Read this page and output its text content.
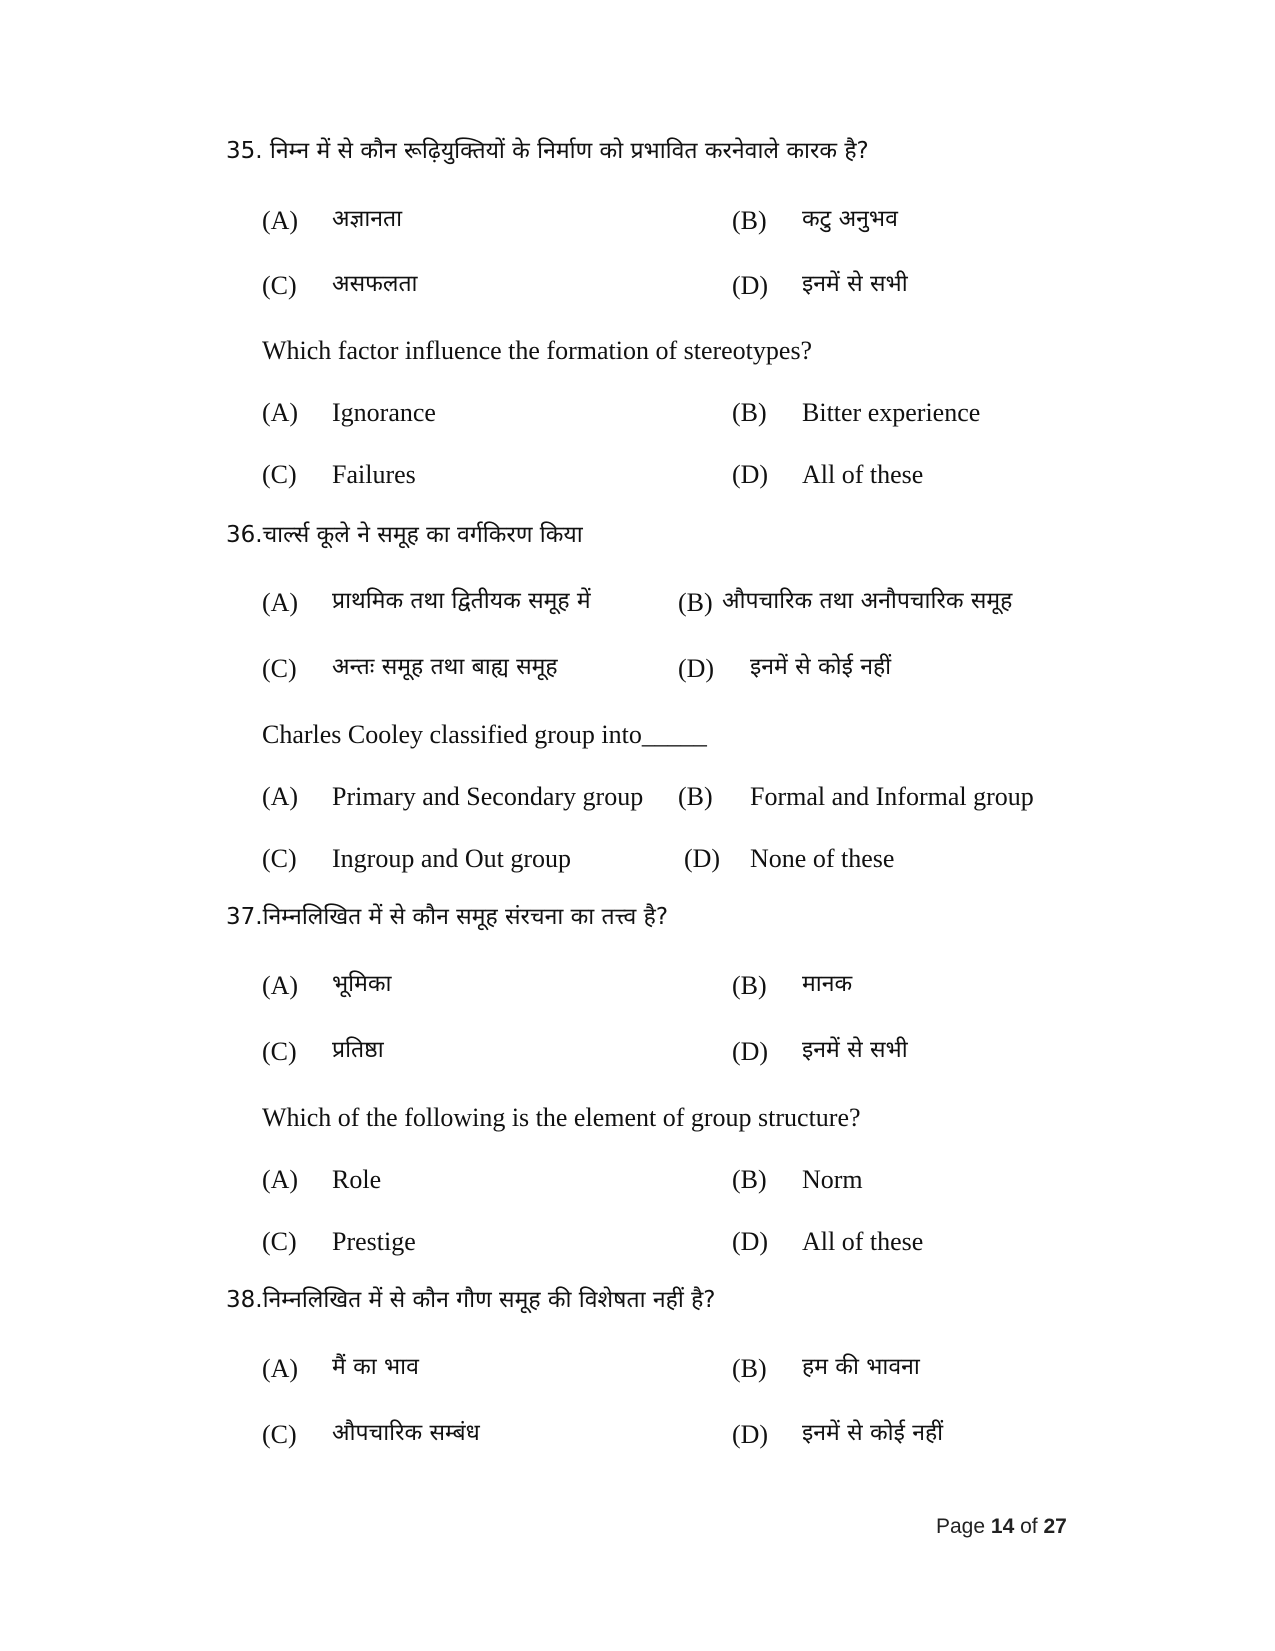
35. निम्न में से कौन रूढ़ियुक्तियों के निर्माण को प्रभावित करनेवाले कारक है?
(A) अज्ञानता	(B) कटु अनुभव
(C) असफलता	(D) इनमें से सभी
Which factor influence the formation of stereotypes?
(A) Ignorance	(B) Bitter experience
(C) Failures	(D) All of these
36.चार्ल्स कूले ने समूह का वर्गकिरण किया
(A) प्राथमिक तथा द्वितीयक समूह में	(B) औपचारिक तथा अनौपचारिक समूह
(C) अन्तः समूह तथा बाह्य समूह	(D) इनमें से कोई नहीं
Charles Cooley classified group into_____
(A) Primary and Secondary group (B) Formal and Informal group
(C) Ingroup and Out group	(D) None of these
37.निम्नलिखित में से कौन समूह संरचना का तत्त्व है?
(A) भूमिका	(B) मानक
(C) प्रतिष्ठा	(D) इनमें से सभी
Which of the following is the element of group structure?
(A) Role	(B) Norm
(C) Prestige	(D) All of these
38.निम्नलिखित में से कौन गौण समूह की विशेषता नहीं है?
(A) मैं का भाव	(B) हम की भावना
(C) औपचारिक सम्बंध	(D) इनमें से कोई नहीं
Page 14 of 27
